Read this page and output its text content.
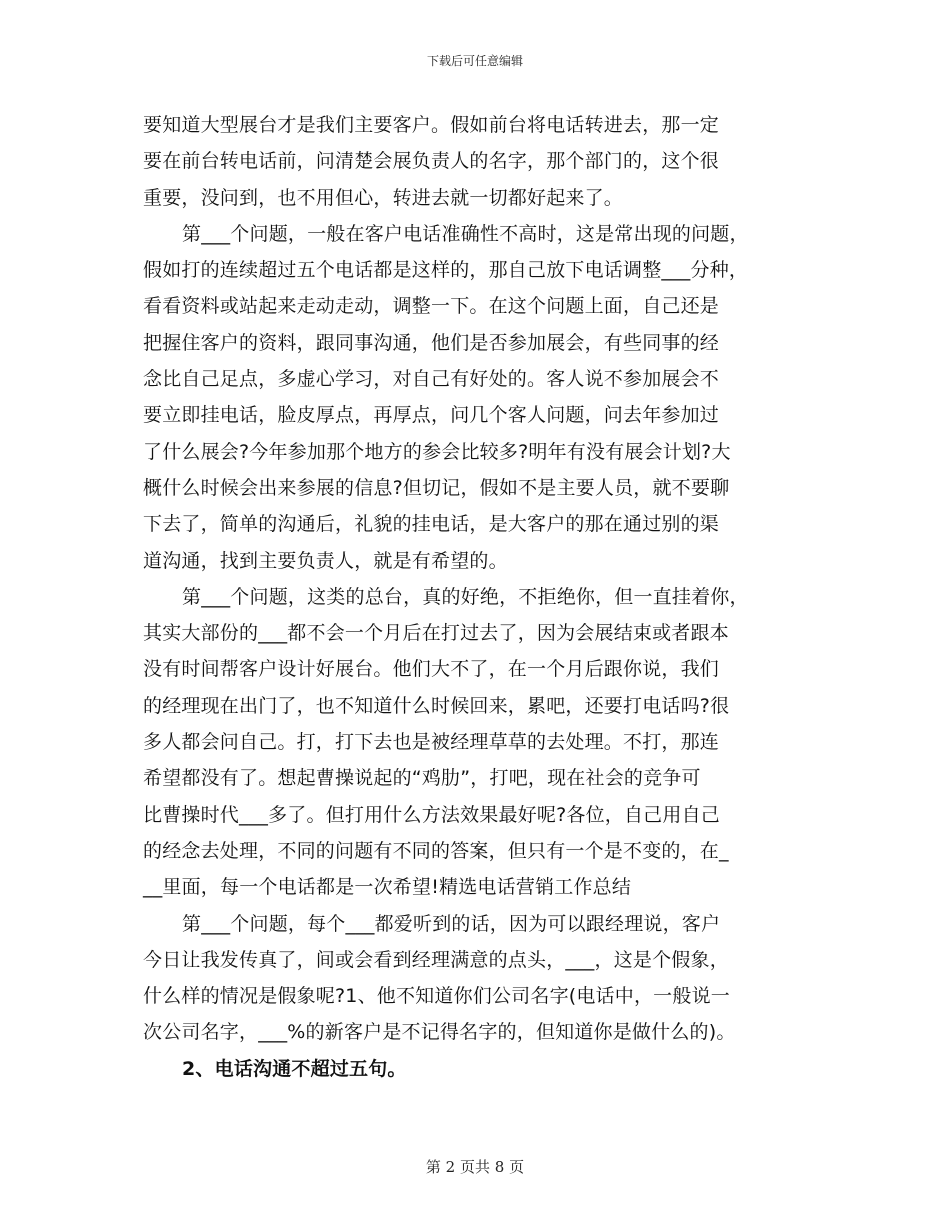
下载后可任意编辑
要知道大型展台才是我们主要客户。假如前台将电话转进去，那一定
要在前台转电话前，问清楚会展负责人的名字，那个部门的，这个很
重要，没问到，也不用但心，转进去就一切都好起来了。
第___个问题，一般在客户电话准确性不高时，这是常出现的问题，
假如打的连续超过五个电话都是这样的，那自己放下电话调整___分种，
看看资料或站起来走动走动，调整一下。在这个问题上面，自己还是
把握住客户的资料，跟同事沟通，他们是否参加展会，有些同事的经
念比自己足点，多虚心学习，对自己有好处的。客人说不参加展会不
要立即挂电话，脸皮厚点，再厚点，问几个客人问题，问去年参加过
了什么展会?今年参加那个地方的参会比较多?明年有没有展会计划?大
概什么时候会出来参展的信息?但切记，假如不是主要人员，就不要聊
下去了，简单的沟通后，礼貌的挂电话，是大客户的那在通过别的渠
道沟通，找到主要负责人，就是有希望的。
第___个问题，这类的总台，真的好绝，不拒绝你，但一直挂着你，
其实大部份的___都不会一个月后在打过去了，因为会展结束或者跟本
没有时间帮客户设计好展台。他们大不了，在一个月后跟你说，我们
的经理现在出门了，也不知道什么时候回来，累吧，还要打电话吗?很
多人都会问自己。打，打下去也是被经理草草的去处理。不打，那连
希望都没有了。想起曹操说起的“鸡肋”，打吧，现在社会的竞争可
比曹操时代___多了。但打用什么方法效果最好呢?各位，自己用自己
的经念去处理，不同的问题有不同的答案，但只有一个是不变的，在_
__里面，每一个电话都是一次希望!精选电话营销工作总结
第___个问题，每个___都爱听到的话，因为可以跟经理说，客户
今日让我发传真了，间或会看到经理满意的点头，___，这是个假象，
什么样的情况是假象呢?1、他不知道你们公司名字(电话中，一般说一
次公司名字，___%的新客户是不记得名字的，但知道你是做什么的)。
2、电话沟通不超过五句。
第 2 页共 8 页
